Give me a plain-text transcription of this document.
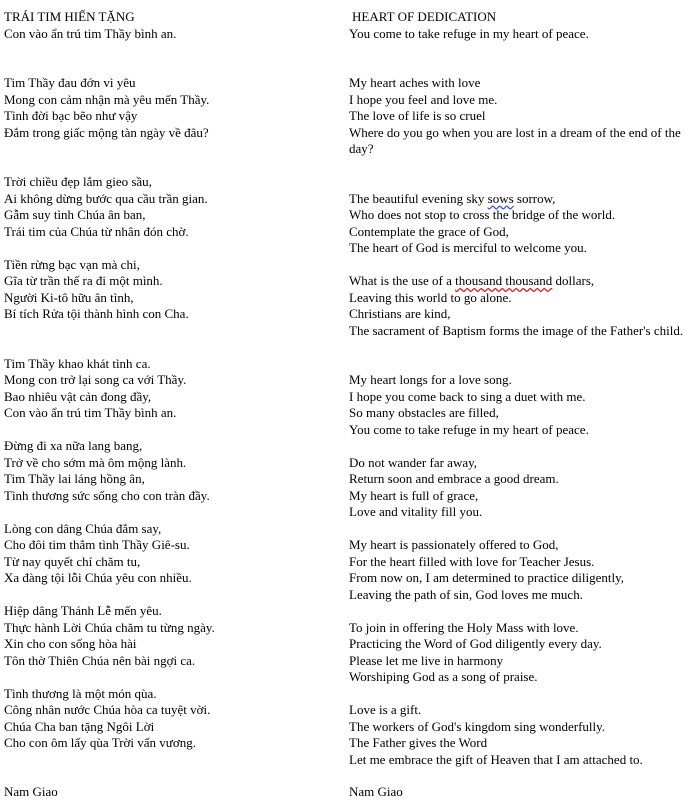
TRÁI TIM HIẾN TẶNG
Con vào ẩn trú tim Thầy bình an.
Tim Thầy đau đớn vì yêu
Mong con cảm nhận mà yêu mến Thầy.
Tình đời bạc bẽo như vậy
Đắm trong giấc mộng tàn ngày về đâu?
Trời chiều đẹp lắm gieo sầu,
Ai không dừng bước qua cầu trần gian.
Gẫm suy tình Chúa ân ban,
Trái tim của Chúa từ nhân đón chờ.
Tiền rừng bạc vạn mà chi,
Gĩa từ trần thế ra đi một mình.
Người Ki-tô hữu ân tình,
Bí tích Rửa tội thành hình con Cha.
Tim Thầy khao khát tình ca.
Mong con trở lại song ca với Thầy.
Bao nhiêu vật cản đong đầy,
Con vào ẩn trú tim Thầy bình an.
Đừng đi xa nữa lang bang,
Trở về cho sớm mà ôm mộng lành.
Tim Thầy lai láng hồng ân,
Tình thương sức sống cho con tràn đầy.
Lòng con dâng Chúa đắm say,
Cho đôi tim thắm tình Thầy Giê-su.
Từ nay quyết chí chăm tu,
Xa đàng tội lỗi Chúa yêu con nhiều.
Hiệp dâng Thánh Lễ mến yêu.
Thực hành Lời Chúa chăm tu từng ngày.
Xin cho con sống hòa hài
Tôn thờ Thiên Chúa nên bài ngợi ca.
Tình thương là một món qùa.
Công nhân nước Chúa hòa ca tuyệt vời.
Chúa Cha ban tặng Ngôi Lời
Cho con ôm lấy qùa Trời vấn vương.
HEART OF DEDICATION
You come to take refuge in my heart of peace.
My heart aches with love
I hope you feel and love me.
The love of life is so cruel
Where do you go when you are lost in a dream of the end of the day?
The beautiful evening sky sows sorrow,
Who does not stop to cross the bridge of the world.
Contemplate the grace of God,
The heart of God is merciful to welcome you.
What is the use of a thousand thousand dollars,
Leaving this world to go alone.
Christians are kind,
The sacrament of Baptism forms the image of the Father's child.
My heart longs for a love song.
I hope you come back to sing a duet with me.
So many obstacles are filled,
You come to take refuge in my heart of peace.
Do not wander far away,
Return soon and embrace a good dream.
My heart is full of grace,
Love and vitality fill you.
My heart is passionately offered to God,
For the heart filled with love for Teacher Jesus.
From now on, I am determined to practice diligently,
Leaving the path of sin, God loves me much.
To join in offering the Holy Mass with love.
Practicing the Word of God diligently every day.
Please let me live in harmony
Worshiping God as a song of praise.
Love is a gift.
The workers of God's kingdom sing wonderfully.
The Father gives the Word
Let me embrace the gift of Heaven that I am attached to.
Nam Giao	Nam Giao
